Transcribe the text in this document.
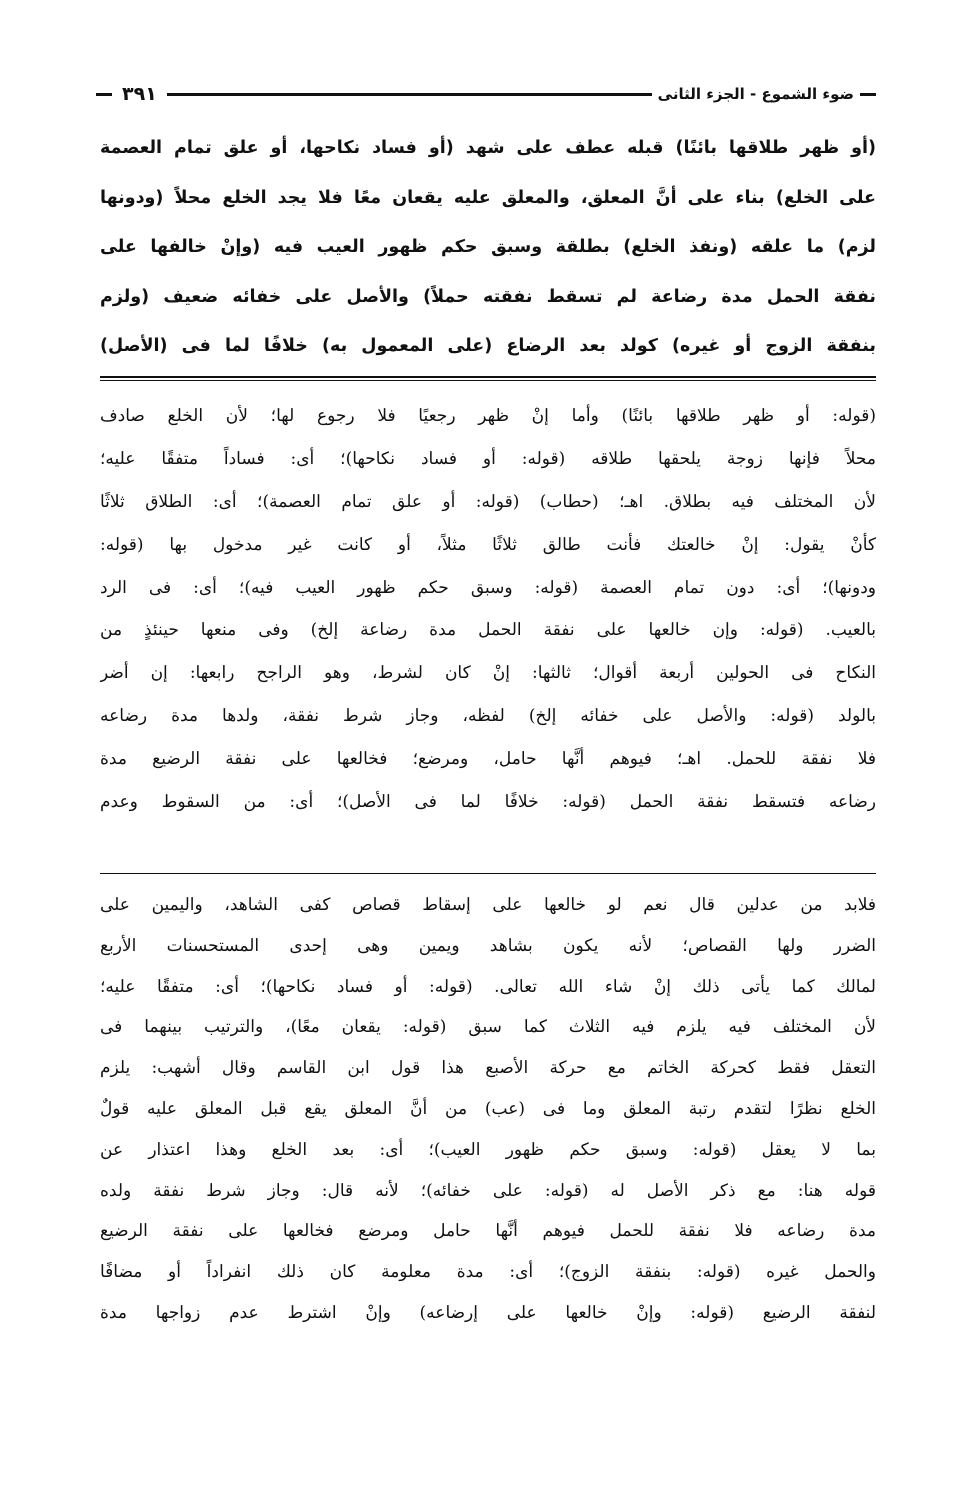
ضوء الشموع - الجزء الثانى
٣٩١

(أو ظهر طلاقها بائنًا) قبله عطف على شهد (أو فساد نكاحها، أو علق تمام العصمة

على الخلع) بناء على أنَّ المعلق، والمعلق عليه يقعان معًا فلا يجد الخلع محلاً (ودونها

لزم) ما علقه (ونفذ الخلع) بطلقة وسبق حكم ظهور العيب فيه (وإنْ خالفها على

نفقة الحمل مدة رضاعة لم تسقط نفقته حملاً) والأصل على خفائه ضعيف (ولزم

بنفقة الزوج أو غيره) كولد بعد الرضاع (على المعمول به) خلافًا لما فى (الأصل)

(قوله: أو ظهر طلاقها بائنًا) وأما إنْ ظهر رجعيًا فلا رجوع لها؛ لأن الخلع صادف

محلاً فإنها زوجة يلحقها طلاقه (قوله: أو فساد نكاحها)؛ أى: فساداً متفقًا عليه؛

لأن المختلف فيه بطلاق. اهـ؛ (حطاب) (قوله: أو علق تمام العصمة)؛ أى: الطلاق ثلاثًا

كأنْ يقول: إنْ خالعتك فأنت طالق ثلاثًا مثلاً، أو كانت غير مدخول بها (قوله:

ودونها)؛ أى: دون تمام العصمة (قوله: وسبق حكم ظهور العيب فيه)؛ أى: فى الرد

بالعيب. (قوله: وإن خالعها على نفقة الحمل مدة رضاعة إلخ) وفى منعها حينئذٍ من

النكاح فى الحولين أربعة أقوال؛ ثالثها: إنْ كان لشرط، وهو الراجح رابعها: إن أضر

بالولد (قوله: والأصل على خفائه إلخ) لفظه، وجاز شرط نفقة، ولدها مدة رضاعه

فلا نفقة للحمل. اهـ؛ فيوهم أنَّها حامل، ومرضع؛ فخالعها على نفقة الرضيع مدة

رضاعه فتسقط نفقة الحمل (قوله: خلافًا لما فى الأصل)؛ أى: من السقوط وعدم

فلابد من عدلين قال نعم لو خالعها على إسقاط قصاص كفى الشاهد، واليمين على

الضرر ولها القصاص؛ لأنه يكون بشاهد ويمين وهى إحدى المستحسنات الأربع

لمالك كما يأتى ذلك إنْ شاء الله تعالى. (قوله: أو فساد نكاحها)؛ أى: متفقًا عليه؛

لأن المختلف فيه يلزم فيه الثلاث كما سبق (قوله: يقعان معًا)، والترتيب بينهما فى

التعقل فقط كحركة الخاتم مع حركة الأصبع هذا قول ابن القاسم وقال أشهب: يلزم

الخلع نظرًا لتقدم رتبة المعلق وما فى (عب) من أنَّ المعلق يقع قبل المعلق عليه قولٌ

بما لا يعقل (قوله: وسبق حكم ظهور العيب)؛ أى: بعد الخلع وهذا اعتذار عن

قوله هنا: مع ذكر الأصل له (قوله: على خفائه)؛ لأنه قال: وجاز شرط نفقة ولده

مدة رضاعه فلا نفقة للحمل فيوهم أنَّها حامل ومرضع فخالعها على نفقة الرضيع

والحمل غيره (قوله: بنفقة الزوج)؛ أى: مدة معلومة كان ذلك انفراداً أو مضافًا

لنفقة الرضيع (قوله: وإنْ خالعها على إرضاعه) وإنْ اشترط عدم زواجها مدة
